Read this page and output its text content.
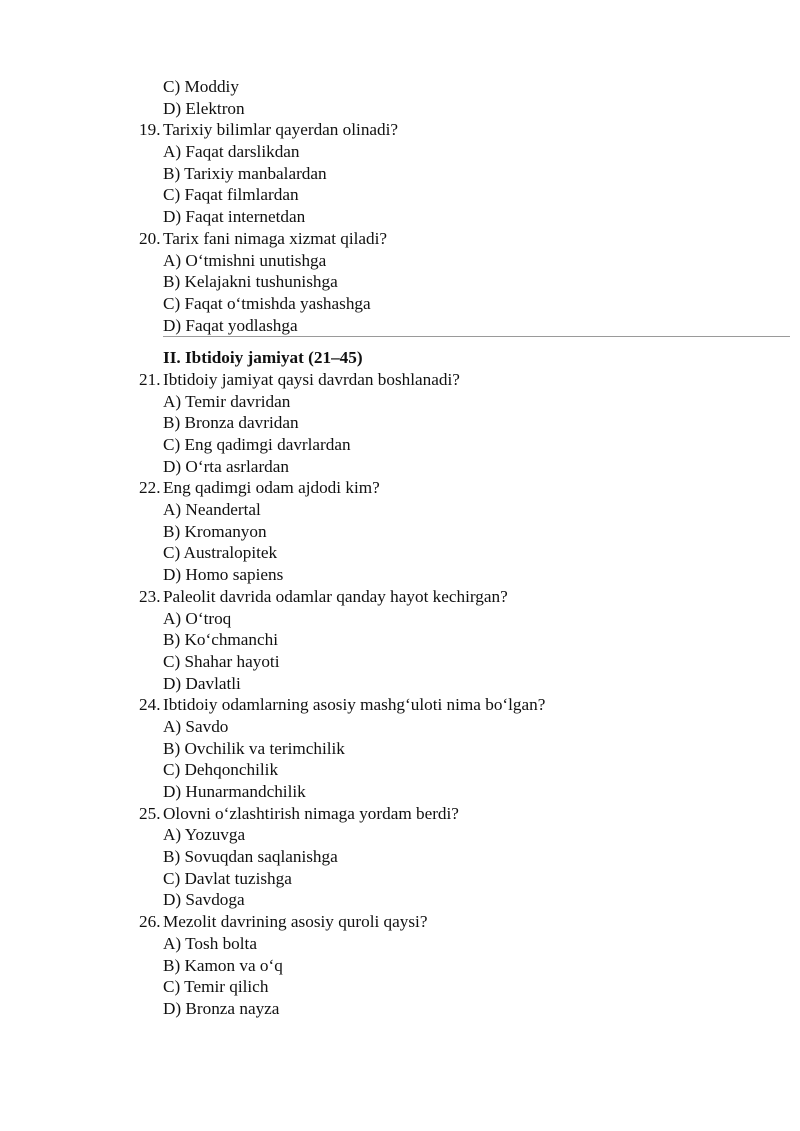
C) Moddiy
D) Elektron
19. Tarixiy bilimlar qayerdan olinadi?
A) Faqat darslikdan
B) Tarixiy manbalardan
C) Faqat filmlardan
D) Faqat internetdan
20. Tarix fani nimaga xizmat qiladi?
A) O‘tmishni unutishga
B) Kelajakni tushunishga
C) Faqat o‘tmishda yashashga
D) Faqat yodlashga
II. Ibtidoiy jamiyat (21–45)
21. Ibtidoiy jamiyat qaysi davrdan boshlanadi?
A) Temir davridan
B) Bronza davridan
C) Eng qadimgi davrlardan
D) O‘rta asrlardan
22. Eng qadimgi odam ajdodi kim?
A) Neandertal
B) Kromanyon
C) Australopitek
D) Homo sapiens
23. Paleolit davrida odamlar qanday hayot kechirgan?
A) O‘troq
B) Ko‘chmanchi
C) Shahar hayoti
D) Davlatli
24. Ibtidoiy odamlarning asosiy mashg‘uloti nima bo‘lgan?
A) Savdo
B) Ovchilik va terimchilik
C) Dehqonchilik
D) Hunarmandchilik
25. Olovni o‘zlashtirish nimaga yordam berdi?
A) Yozuvga
B) Sovuqdan saqlanishga
C) Davlat tuzishga
D) Savdoga
26. Mezolit davrining asosiy quroli qaysi?
A) Tosh bolta
B) Kamon va o‘q
C) Temir qilich
D) Bronza nayza
